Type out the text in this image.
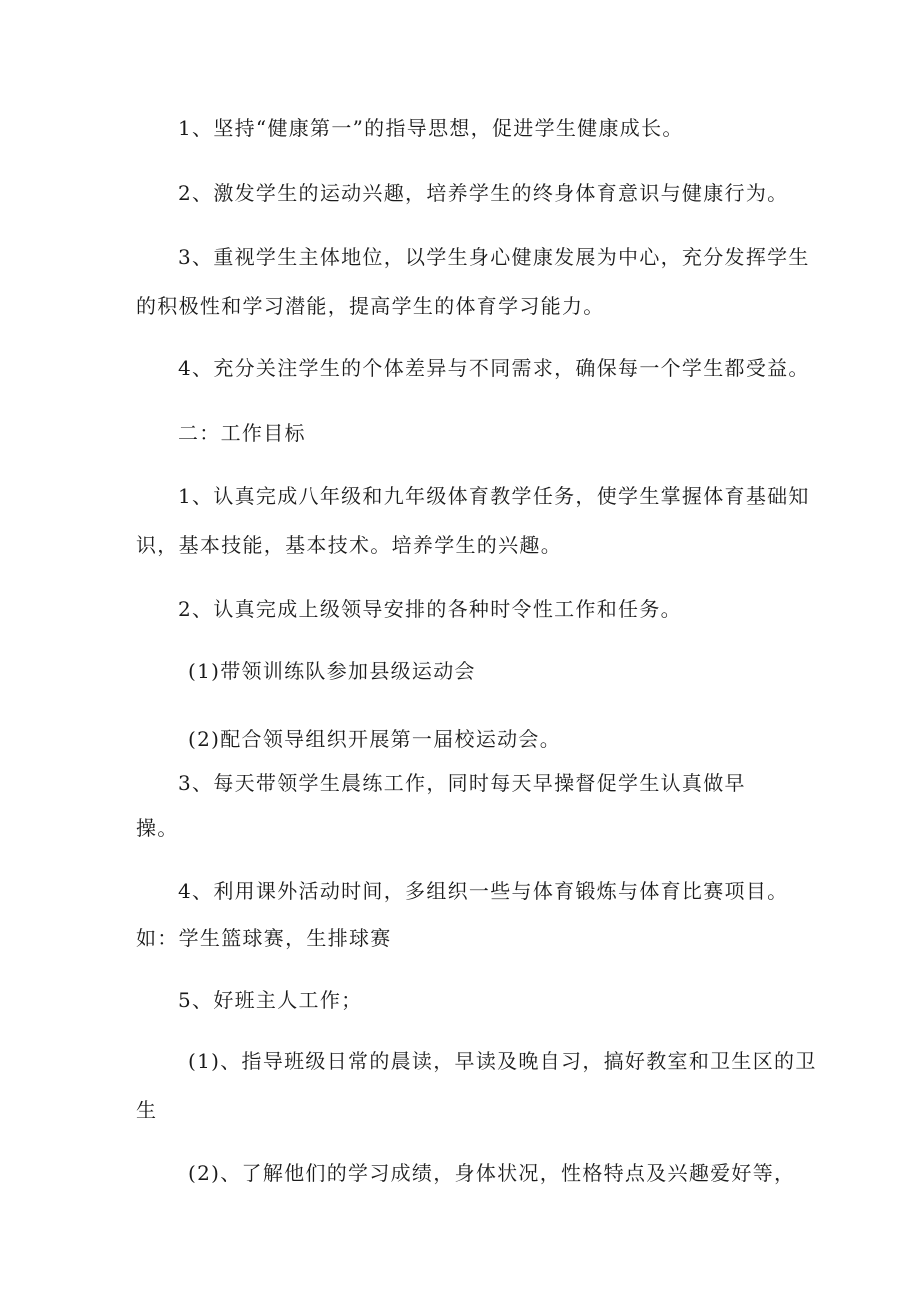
1、坚持“健康第一”的指导思想，促进学生健康成长。
2、激发学生的运动兴趣，培养学生的终身体育意识与健康行为。
3、重视学生主体地位，以学生身心健康发展为中心，充分发挥学生
的积极性和学习潜能，提高学生的体育学习能力。
4、充分关注学生的个体差异与不同需求，确保每一个学生都受益。
二：工作目标
1、认真完成八年级和九年级体育教学任务，使学生掌握体育基础知
识，基本技能，基本技术。培养学生的兴趣。
2、认真完成上级领导安排的各种时令性工作和任务。
(1)带领训练队参加县级运动会
(2)配合领导组织开展第一届校运动会。
3、每天带领学生晨练工作，同时每天早操督促学生认真做早
操。
4、利用课外活动时间，多组织一些与体育锻炼与体育比赛项目。
如：学生篮球赛，生排球赛
5、好班主人工作；
(1)、指导班级日常的晨读，早读及晚自习，搞好教室和卫生区的卫
生
(2)、了解他们的学习成绩，身体状况，性格特点及兴趣爱好等，
